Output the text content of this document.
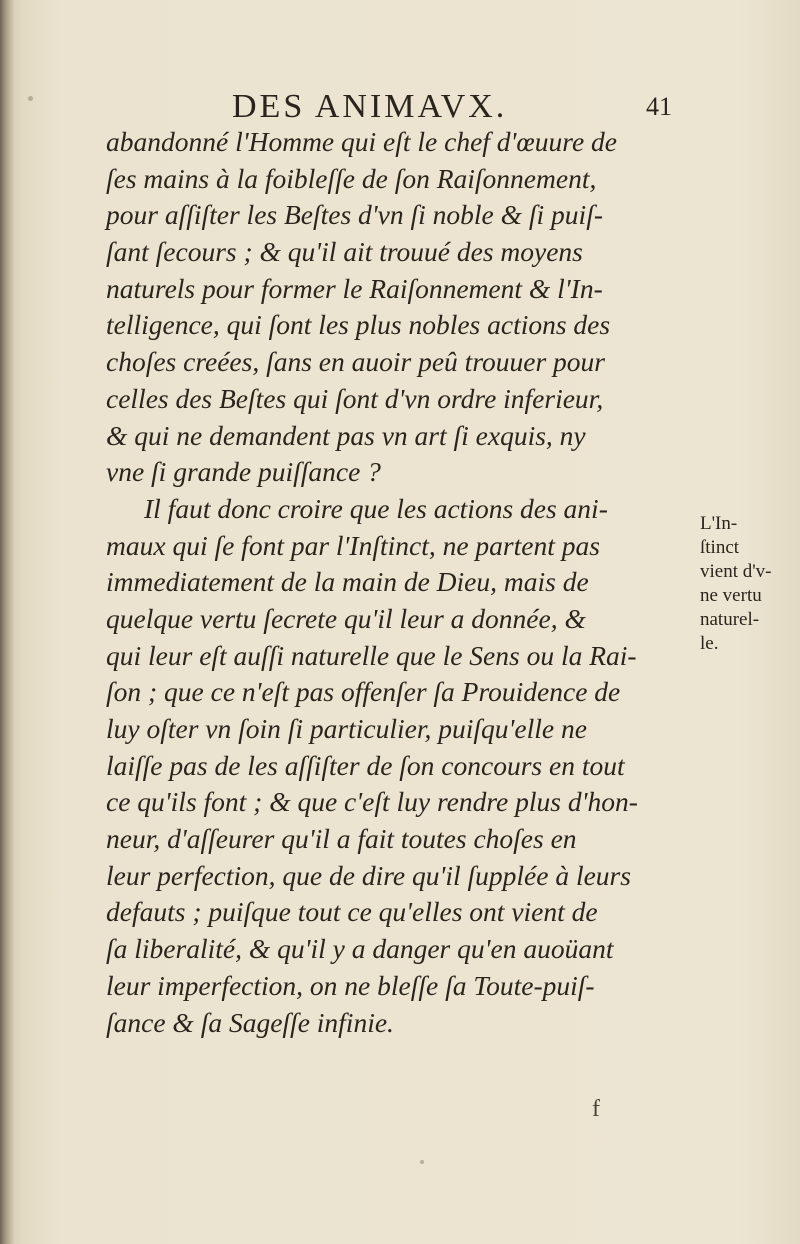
DES ANIMAVX.	41
abandonné l'Homme qui eſt le chef d'œuure de
ſes mains à la foibleſſe de ſon Raiſonnement,
pour aſſiſter les Beſtes d'vn ſi noble & ſi puiſ-
ſant ſecours ; & qu'il ait trouué des moyens
naturels pour former le Raiſonnement & l'In-
telligence, qui ſont les plus nobles actions des
choſes creées, ſans en auoir peû trouuer pour
celles des Beſtes qui ſont d'vn ordre inferieur,
& qui ne demandent pas vn art ſi exquis, ny
vne ſi grande puiſſance ?
Il faut donc croire que les actions des ani-
maux qui ſe font par l'Inſtinct, ne partent pas
immediatement de la main de Dieu, mais de
quelque vertu ſecrete qu'il leur a donnée, &
qui leur eſt auſſi naturelle que le Sens ou la Rai-
ſon ; que ce n'eſt pas offenſer ſa Prouidence de
luy oſter vn ſoin ſi particulier, puiſqu'elle ne
laiſſe pas de les aſſiſter de ſon concours en tout
ce qu'ils font ; & que c'eſt luy rendre plus d'hon-
neur, d'aſſeurer qu'il a fait toutes choſes en
leur perfection, que de dire qu'il ſupplée à leurs
defauts ; puiſque tout ce qu'elles ont vient de
ſa liberalité, & qu'il y a danger qu'en auoüant
leur imperfection, on ne bleſſe ſa Toute-puiſ-
ſance & ſa Sageſſe infinie.
L'In-
ſtinct
vient d'v-
ne vertu
naturel-
le.
f
